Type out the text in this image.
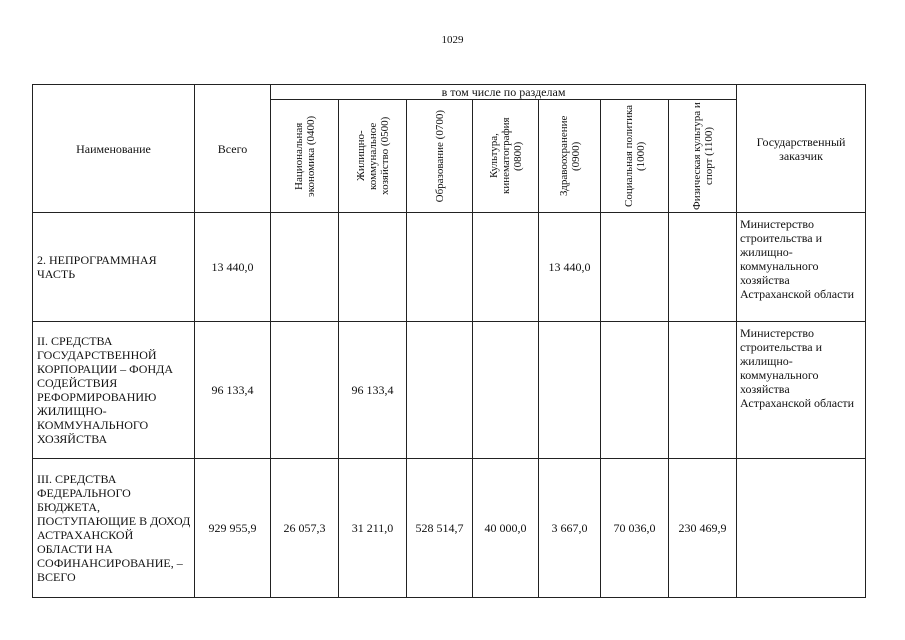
1029
Наименование	Всего	в том числе по разделам							Государственный заказчик

		Национальная экономика (0400)	Жилищно-коммунальное хозяйство (0500)	Образование (0700)	Культура, кинематография (0800)	Здравоохранение (0900)	Социальная политика (1000)	Физическая культура и спорт (1100)	

2. НЕПРОГРАММНАЯ ЧАСТЬ	13 440,0					13 440,0			Министерство строительства и жилищно-коммунального хозяйства Астраханской области
II. СРЕДСТВА ГОСУДАРСТВЕННОЙ КОРПОРАЦИИ – ФОНДА СОДЕЙСТВИЯ РЕФОРМИРОВАНИЮ ЖИЛИЩНО-КОММУНАЛЬНОГО ХОЗЯЙСТВА	96 133,4		96 133,4						Министерство строительства и жилищно-коммунального хозяйства Астраханской области
III. СРЕДСТВА ФЕДЕРАЛЬНОГО БЮДЖЕТА, ПОСТУПАЮЩИЕ В ДОХОД АСТРАХАНСКОЙ ОБЛАСТИ НА СОФИНАНСИРОВАНИЕ, – ВСЕГО	929 955,9	26 057,3	31 211,0	528 514,7	40 000,0	3 667,0	70 036,0	230 469,9	
